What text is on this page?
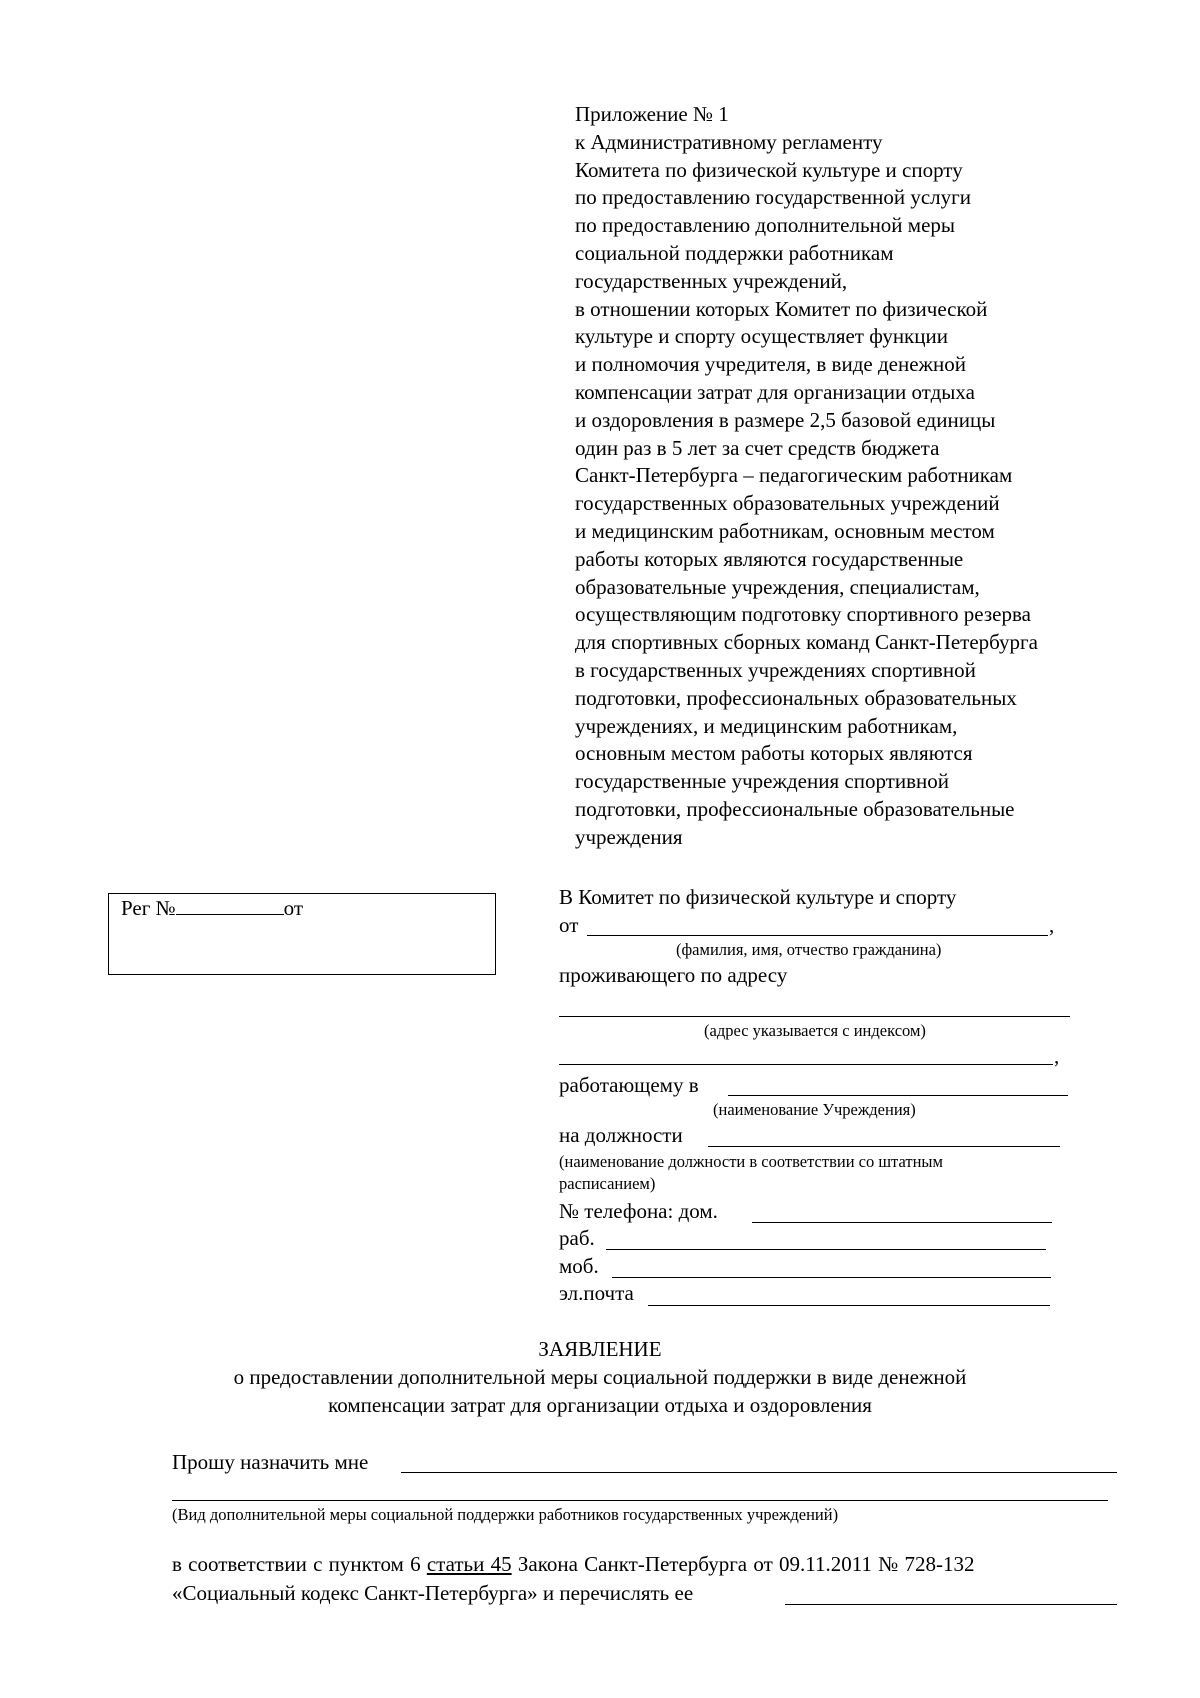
Приложение № 1
к Административному регламенту
Комитета по физической культуре и спорту
по предоставлению государственной услуги
по предоставлению дополнительной меры
социальной поддержки работникам
государственных учреждений,
в отношении которых Комитет по физической
культуре и спорту осуществляет функции
и полномочия учредителя, в виде денежной
компенсации затрат для организации отдыха
и оздоровления в размере 2,5 базовой единицы
один раз в 5 лет за счет средств бюджета
Санкт-Петербурга – педагогическим работникам
государственных образовательных учреждений
и медицинским работникам, основным местом
работы которых являются государственные
образовательные учреждения, специалистам,
осуществляющим подготовку спортивного резерва
для спортивных сборных команд Санкт-Петербурга
в государственных учреждениях спортивной
подготовки, профессиональных образовательных
учреждениях, и медицинским работникам,
основным местом работы которых являются
государственные учреждения спортивной
подготовки, профессиональные образовательные
учреждения
Рег №	от	В Комитет по физической культуре и спорту
от	,
(фамилия, имя, отчество гражданина)
проживающего по адресу
(адрес указывается с индексом)
,
работающему в
(наименование Учреждения)
на должности
(наименование должности в соответствии со штатным
расписанием)
№ телефона: дом.
раб.
моб.
эл.почта
ЗАЯВЛЕНИЕ
о предоставлении дополнительной меры социальной поддержки в виде денежной
компенсации затрат для организации отдыха и оздоровления
Прошу назначить мне
(Вид дополнительной меры социальной поддержки работников государственных учреждений)
в соответствии с пунктом 6 статьи 45 Закона Санкт-Петербурга от 09.11.2011 № 728-132
«Социальный кодекс Санкт-Петербурга» и перечислять ее
